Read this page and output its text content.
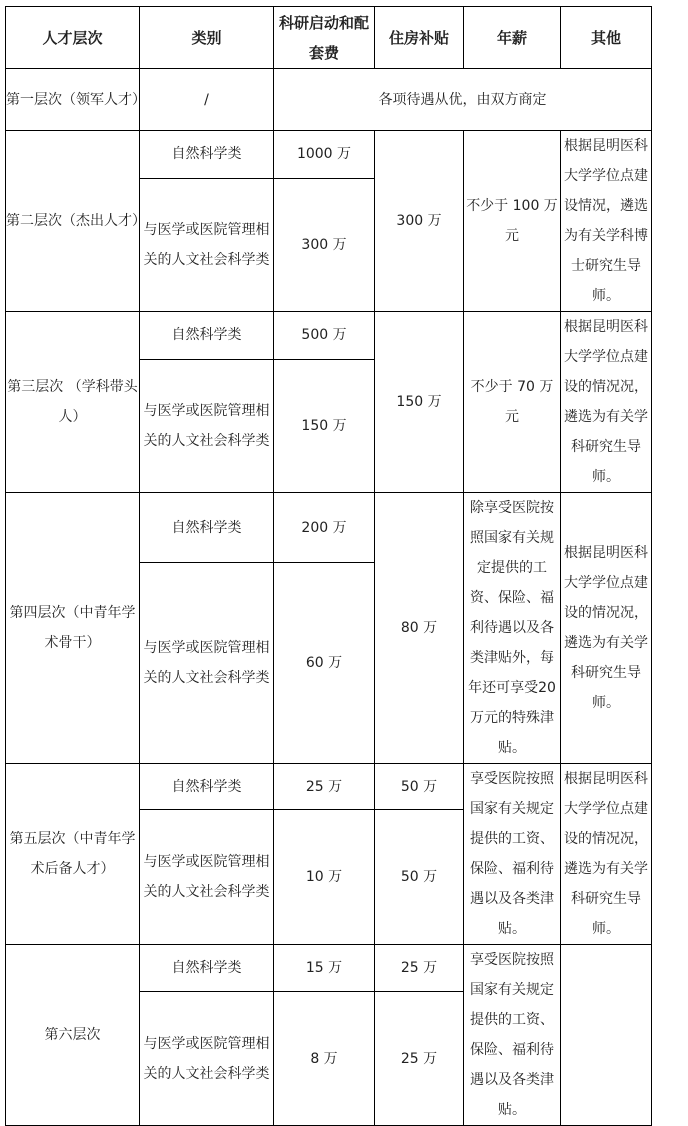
人才层次	类别	科研启动和配套费	住房补贴	年薪	其他
第一层次（领军人才）	/	各项待遇从优，由双方商定			
第二层次（杰出人才）	自然科学类	1000 万	300 万	不少于 100 万元	根据昆明医科大学学位点建设情况，遴选为有关学科博士研究生导师。
	与医学或医院管理相关的人文社会科学类	300 万			
第三层次 （学科带头人）	自然科学类	500 万	150 万	不少于 70 万元	根据昆明医科大学学位点建设的情况况，遴选为有关学科研究生导师。
	与医学或医院管理相关的人文社会科学类	150 万			
第四层次（中青年学术骨干）	自然科学类	200 万	80 万	除享受医院按照国家有关规定提供的工资、保险、福利待遇以及各类津贴外，每年还可享受20万元的特殊津贴。	根据昆明医科大学学位点建设的情况况，遴选为有关学科研究生导师。
	与医学或医院管理相关的人文社会科学类	60 万			
第五层次（中青年学术后备人才）	自然科学类	25 万	50 万	享受医院按照国家有关规定提供的工资、保险、福利待遇以及各类津贴。	根据昆明医科大学学位点建设的情况况，遴选为有关学科研究生导师。
	与医学或医院管理相关的人文社会科学类	10 万	50 万		
第六层次	自然科学类	15 万	25 万	享受医院按照国家有关规定提供的工资、保险、福利待遇以及各类津贴。	
	与医学或医院管理相关的人文社会科学类	8 万	25 万		
